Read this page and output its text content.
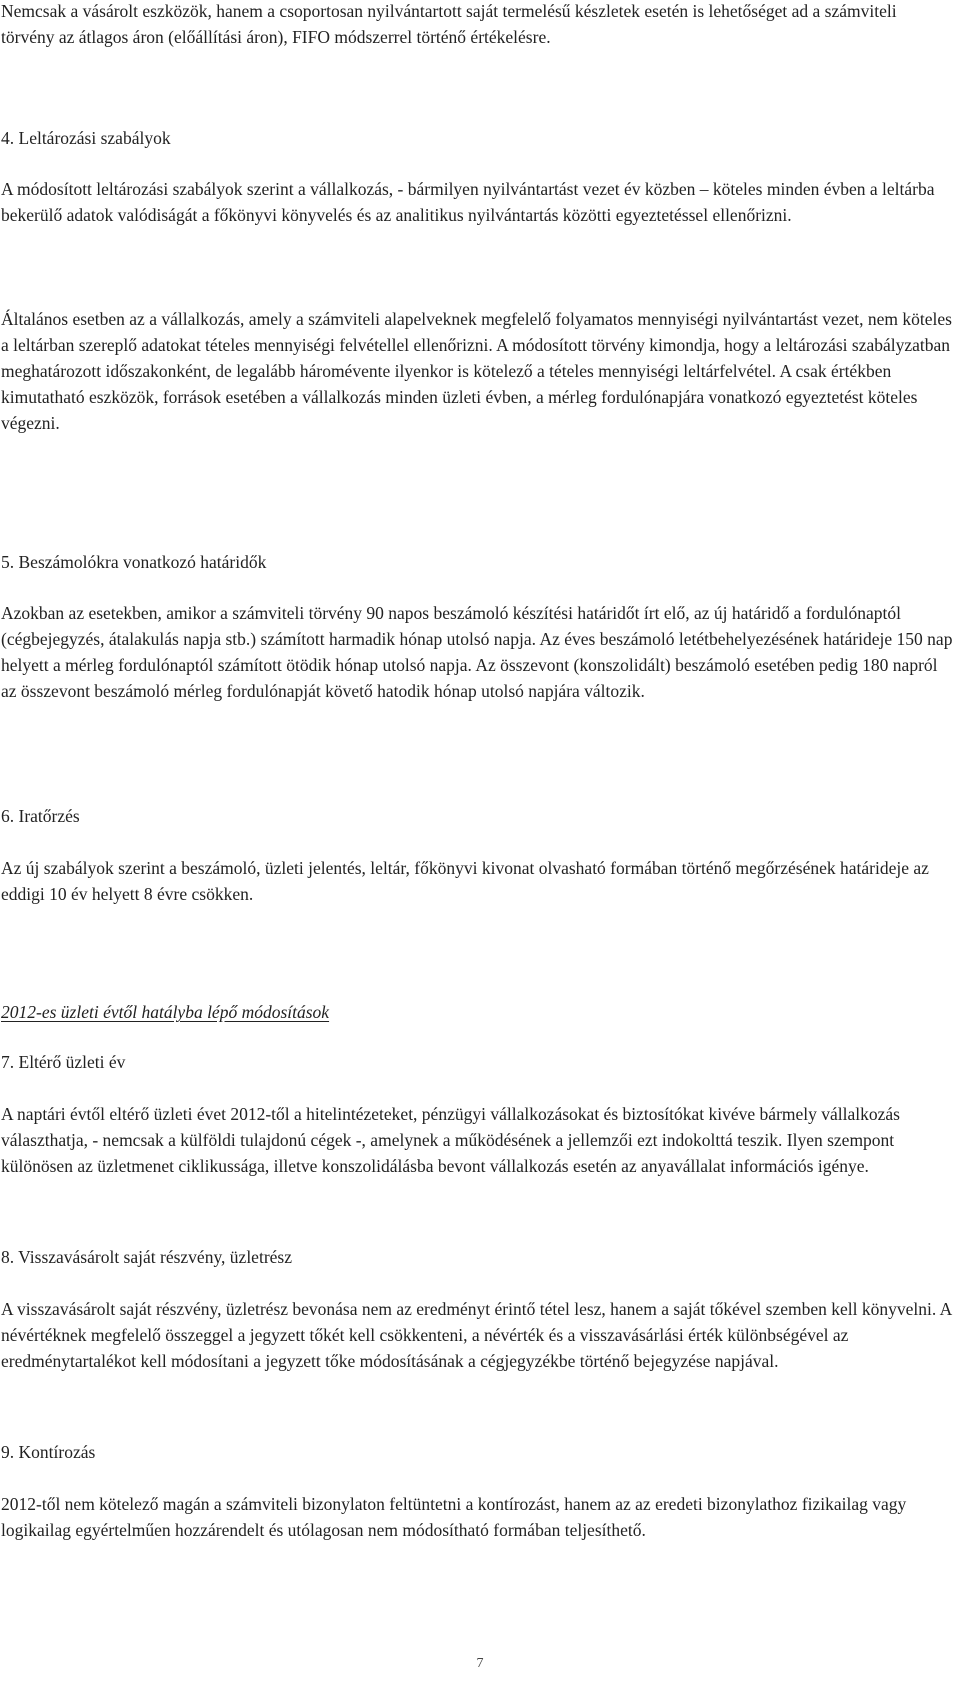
Nemcsak a vásárolt eszközök, hanem a csoportosan nyilvántartott saját termelésű készletek esetén is lehetőséget ad a számviteli törvény az átlagos áron (előállítási áron), FIFO módszerrel történő értékelésre.

4. Leltározási szabályok

A módosított leltározási szabályok szerint a vállalkozás, - bármilyen nyilvántartást vezet év közben – köteles minden évben a leltárba bekerülő adatok valódiságát a főkönyvi könyvelés és az analitikus nyilvántartás közötti egyeztetéssel ellenőrizni.

Általános esetben az a vállalkozás, amely a számviteli alapelveknek megfelelő folyamatos mennyiségi nyilvántartást vezet, nem köteles a leltárban szereplő adatokat tételes mennyiségi felvétellel ellenőrizni. A módosított törvény kimondja, hogy a leltározási szabályzatban meghatározott időszakonként, de legalább háromévente ilyenkor is kötelező a tételes mennyiségi leltárfelvétel. A csak értékben kimutatható eszközök, források esetében a vállalkozás minden üzleti évben, a mérleg fordulónapjára vonatkozó egyeztetést köteles végezni.

5. Beszámolókra vonatkozó határidők

Azokban az esetekben, amikor a számviteli törvény 90 napos beszámoló készítési határidőt írt elő, az új határidő a fordulónaptól (cégbejegyzés, átalakulás napja stb.) számított harmadik hónap utolsó napja. Az éves beszámoló letétbehelyezésének határideje 150 nap helyett a mérleg fordulónaptól számított ötödik hónap utolsó napja. Az összevont (konszolidált) beszámoló esetében pedig 180 napról az összevont beszámoló mérleg fordulónapját követő hatodik hónap utolsó napjára változik.

6. Iratőrzés

Az új szabályok szerint a beszámoló, üzleti jelentés, leltár, főkönyvi kivonat olvasható formában történő megőrzésének határideje az eddigi 10 év helyett 8 évre csökken.

2012-es üzleti évtől hatályba lépő módosítások

7. Eltérő üzleti év

A naptári évtől eltérő üzleti évet 2012-től a hitelintézeteket, pénzügyi vállalkozásokat és biztosítókat kivéve bármely vállalkozás választhatja, - nemcsak a külföldi tulajdonú cégek -, amelynek a működésének a jellemzői ezt indokolttá teszik. Ilyen szempont különösen az üzletmenet ciklikussága, illetve konszolidálásba bevont vállalkozás esetén az anyavállalat információs igénye.

8. Visszavásárolt saját részvény, üzletrész

A visszavásárolt saját részvény, üzletrész bevonása nem az eredményt érintő tétel lesz, hanem a saját tőkével szemben kell könyvelni. A névértéknek megfelelő összeggel a jegyzett tőkét kell csökkenteni, a névérték és a visszavásárlási érték különbségével az eredménytartalékot kell módosítani a jegyzett tőke módosításának a cégjegyzékbe történő bejegyzése napjával.

9. Kontírozás

2012-től nem kötelező magán a számviteli bizonylaton feltüntetni a kontírozást, hanem az az eredeti bizonylathoz fizikailag vagy logikailag egyértelműen hozzárendelt és utólagosan nem módosítható formában teljesíthető.

7
